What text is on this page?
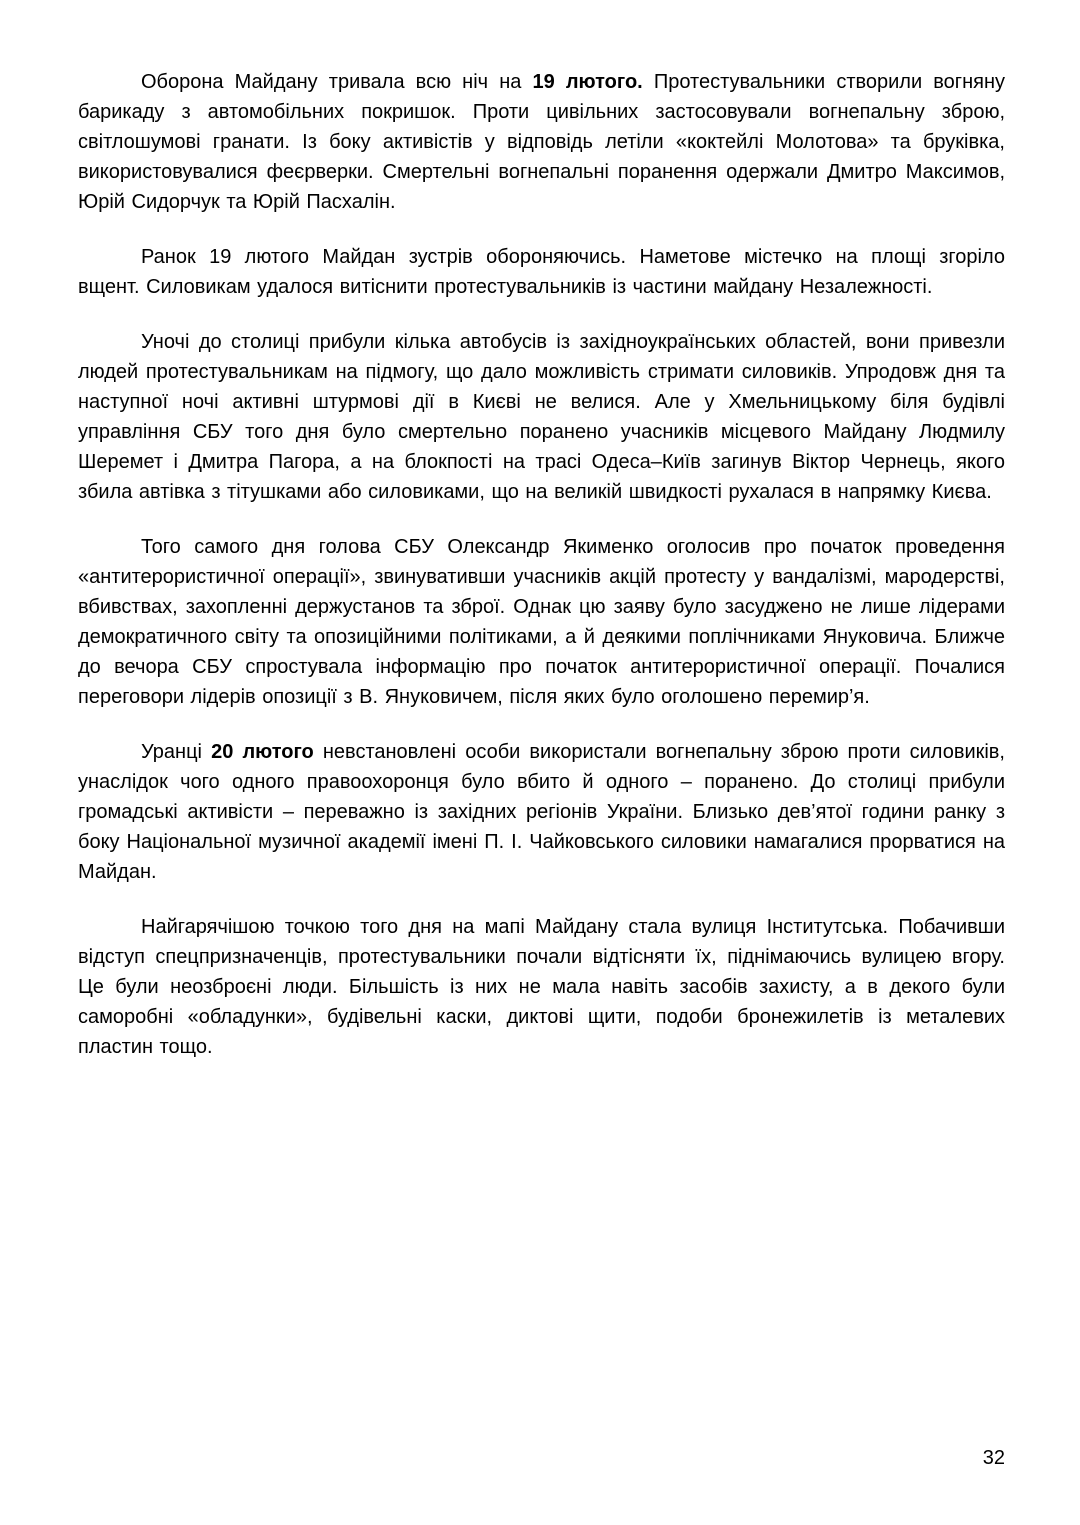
Оборона Майдану тривала всю ніч на 19 лютого. Протестувальники створили вогняну барикаду з автомобільних покришок. Проти цивільних застосовували вогнепальну зброю, світлошумові гранати. Із боку активістів у відповідь летіли «коктейлі Молотова» та бруківка, використовувалися феєрверки. Смертельні вогнепальні поранення одержали Дмитро Максимов, Юрій Сидорчук та Юрій Пасхалін.

Ранок 19 лютого Майдан зустрів обороняючись. Наметове містечко на площі згоріло вщент. Силовикам удалося витіснити протестувальників із частини майдану Незалежності.

Уночі до столиці прибули кілька автобусів із західноукраїнських областей, вони привезли людей протестувальникам на підмогу, що дало можливість стримати силовиків. Упродовж дня та наступної ночі активні штурмові дії в Києві не велися. Але у Хмельницькому біля будівлі управління СБУ того дня було смертельно поранено учасників місцевого Майдану Людмилу Шеремет і Дмитра Пагора, а на блокпості на трасі Одеса–Київ загинув Віктор Чернець, якого збила автівка з тітушками або силовиками, що на великій швидкості рухалася в напрямку Києва.

Того самого дня голова СБУ Олександр Якименко оголосив про початок проведення «антитерористичної операції», звинувативши учасників акцій протесту у вандалізмі, мародерстві, вбивствах, захопленні держустанов та зброї. Однак цю заяву було засуджено не лише лідерами демократичного світу та опозиційними політиками, а й деякими поплічниками Януковича. Ближче до вечора СБУ спростувала інформацію про початок антитерористичної операції. Почалися переговори лідерів опозиції з В. Януковичем, після яких було оголошено перемир’я.

Уранці 20 лютого невстановлені особи використали вогнепальну зброю проти силовиків, унаслідок чого одного правоохоронця було вбито й одного – поранено. До столиці прибули громадські активісти – переважно із західних регіонів України. Близько дев’ятої години ранку з боку Національної музичної академії імені П. І. Чайковського силовики намагалися прорватися на Майдан.

Найгарячішою точкою того дня на мапі Майдану стала вулиця Інститутська. Побачивши відступ спецпризначенців, протестувальники почали відтісняти їх, піднімаючись вулицею вгору. Це були неозброєні люди. Більшість із них не мала навіть засобів захисту, а в декого були саморобні «обладунки», будівельні каски, диктові щити, подоби бронежилетів із металевих пластин тощо.

32
